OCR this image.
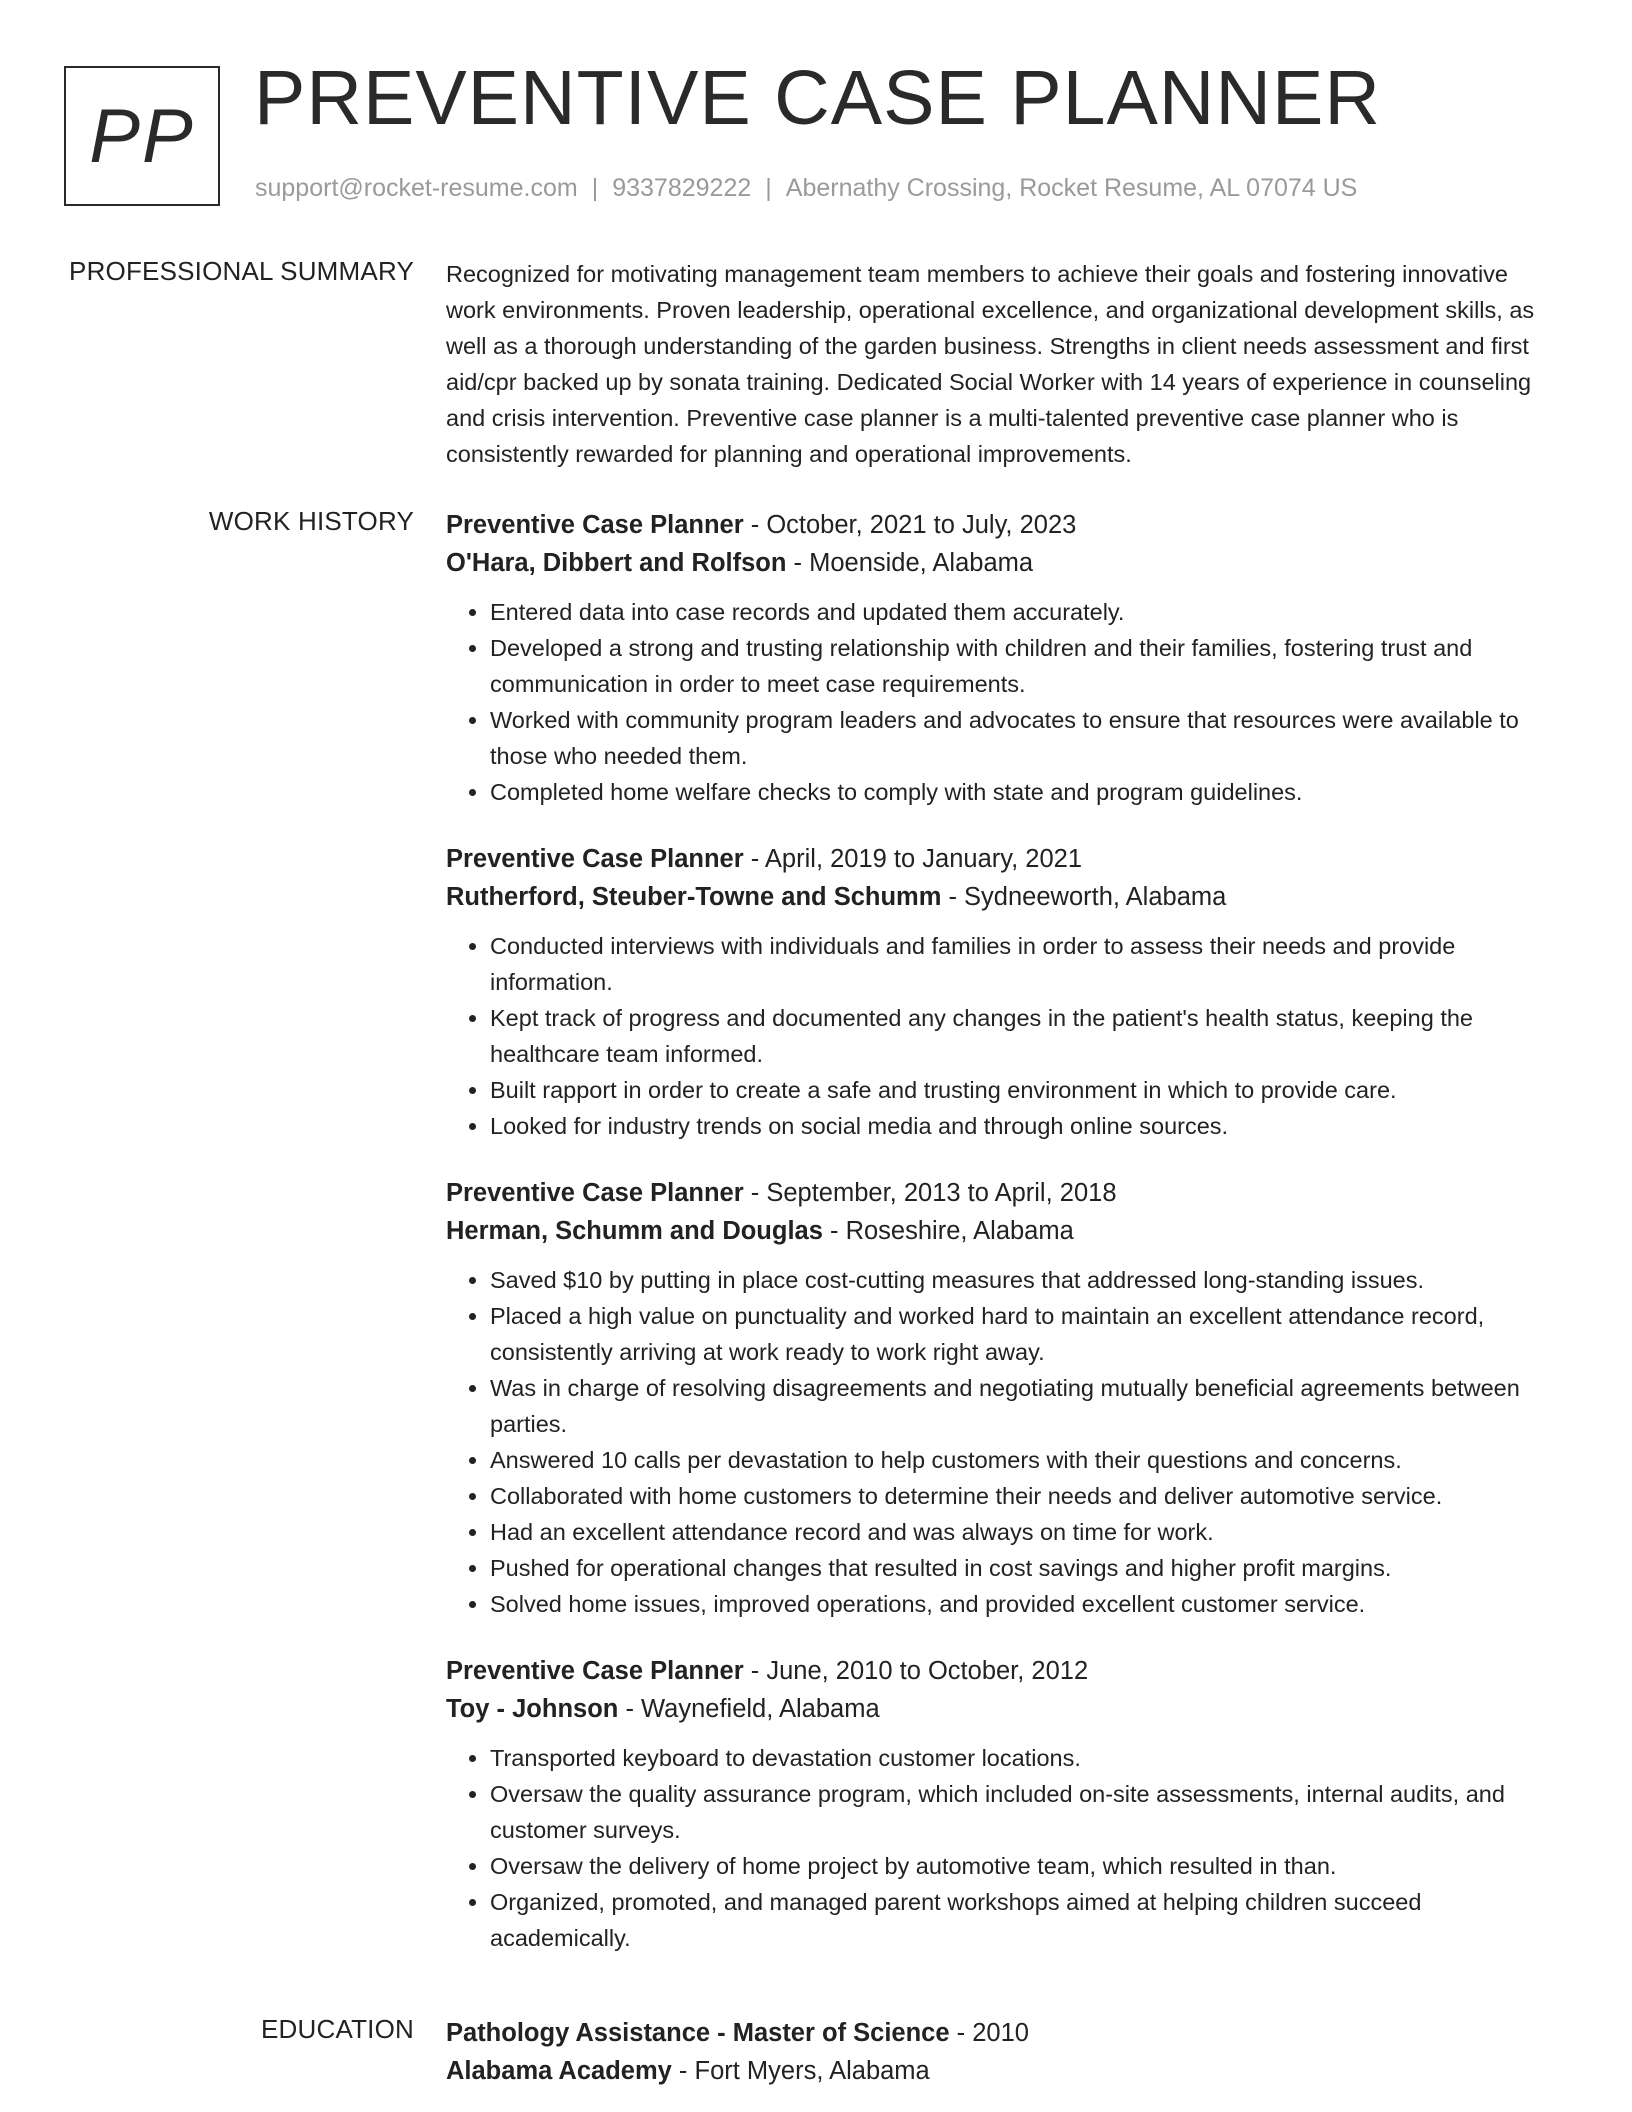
PP PREVENTIVE CASE PLANNER
support@rocket-resume.com | 9337829222 | Abernathy Crossing, Rocket Resume, AL 07074 US
PROFESSIONAL SUMMARY Recognized for motivating management team members to achieve their goals and fostering innovative work environments. Proven leadership, operational excellence, and organizational development skills, as well as a thorough understanding of the garden business. Strengths in client needs assessment and first aid/cpr backed up by sonata training. Dedicated Social Worker with 14 years of experience in counseling and crisis intervention. Preventive case planner is a multi-talented preventive case planner who is consistently rewarded for planning and operational improvements.

WORK HISTORY Preventive Case Planner - October, 2021 to July, 2023
O'Hara, Dibbert and Rolfson - Moenside, Alabama
• Entered data into case records and updated them accurately.
• Developed a strong and trusting relationship with children and their families, fostering trust and communication in order to meet case requirements.
• Worked with community program leaders and advocates to ensure that resources were available to those who needed them.
• Completed home welfare checks to comply with state and program guidelines.
Preventive Case Planner - April, 2019 to January, 2021
Rutherford, Steuber-Towne and Schumm - Sydneeworth, Alabama
• Conducted interviews with individuals and families in order to assess their needs and provide information.
• Kept track of progress and documented any changes in the patient's health status, keeping the healthcare team informed.
• Built rapport in order to create a safe and trusting environment in which to provide care.
• Looked for industry trends on social media and through online sources.
Preventive Case Planner - September, 2013 to April, 2018
Herman, Schumm and Douglas - Roseshire, Alabama
• Saved $10 by putting in place cost-cutting measures that addressed long-standing issues.
• Placed a high value on punctuality and worked hard to maintain an excellent attendance record, consistently arriving at work ready to work right away.
• Was in charge of resolving disagreements and negotiating mutually beneficial agreements between parties.
• Answered 10 calls per devastation to help customers with their questions and concerns.
• Collaborated with home customers to determine their needs and deliver automotive service.
• Had an excellent attendance record and was always on time for work.
• Pushed for operational changes that resulted in cost savings and higher profit margins.
• Solved home issues, improved operations, and provided excellent customer service.
Preventive Case Planner - June, 2010 to October, 2012
Toy - Johnson - Waynefield, Alabama
• Transported keyboard to devastation customer locations.
• Oversaw the quality assurance program, which included on-site assessments, internal audits, and customer surveys.
• Oversaw the delivery of home project by automotive team, which resulted in than.
• Organized, promoted, and managed parent workshops aimed at helping children succeed academically.
EDUCATION Pathology Assistance - Master of Science - 2010
Alabama Academy - Fort Myers, Alabama
